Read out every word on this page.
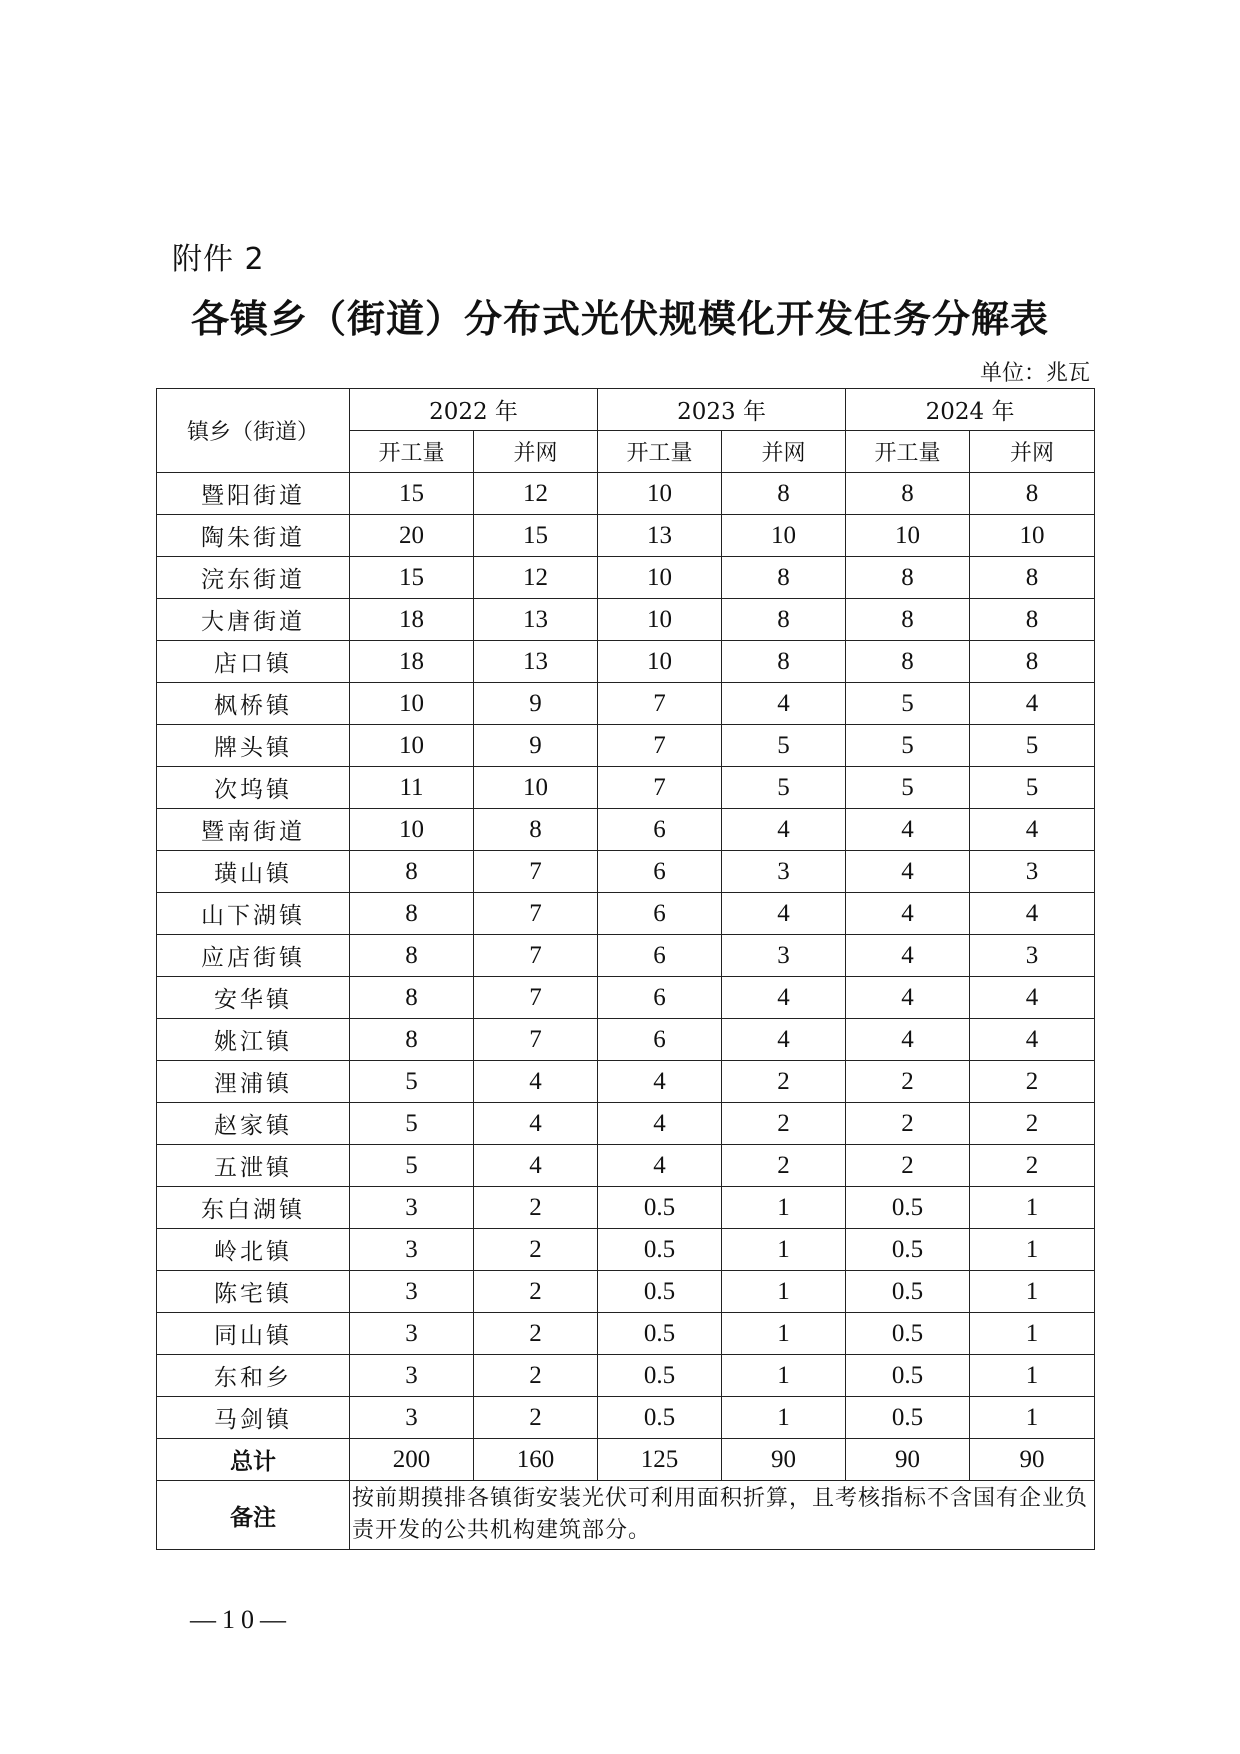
附件 2
各镇乡（街道）分布式光伏规模化开发任务分解表
单位：兆瓦
镇乡（街道）	2022 年		2023 年		2024 年	
	开工量	并网	开工量	并网	开工量	并网
暨阳街道	15	12	10	8	8	8
陶朱街道	20	15	13	10	10	10
浣东街道	15	12	10	8	8	8
大唐街道	18	13	10	8	8	8
店口镇	18	13	10	8	8	8
枫桥镇	10	9	7	4	5	4
牌头镇	10	9	7	5	5	5
次坞镇	11	10	7	5	5	5
暨南街道	10	8	6	4	4	4
璜山镇	8	7	6	3	4	3
山下湖镇	8	7	6	4	4	4
应店街镇	8	7	6	3	4	3
安华镇	8	7	6	4	4	4
姚江镇	8	7	6	4	4	4
浬浦镇	5	4	4	2	2	2
赵家镇	5	4	4	2	2	2
五泄镇	5	4	4	2	2	2
东白湖镇	3	2	0.5	1	0.5	1
岭北镇	3	2	0.5	1	0.5	1
陈宅镇	3	2	0.5	1	0.5	1
同山镇	3	2	0.5	1	0.5	1
东和乡	3	2	0.5	1	0.5	1
马剑镇	3	2	0.5	1	0.5	1
总计	200	160	125	90	90	90
备注	按前期摸排各镇街安装光伏可利用面积折算，且考核指标不含国有企业负责开发的公共机构建筑部分。					
—10—
